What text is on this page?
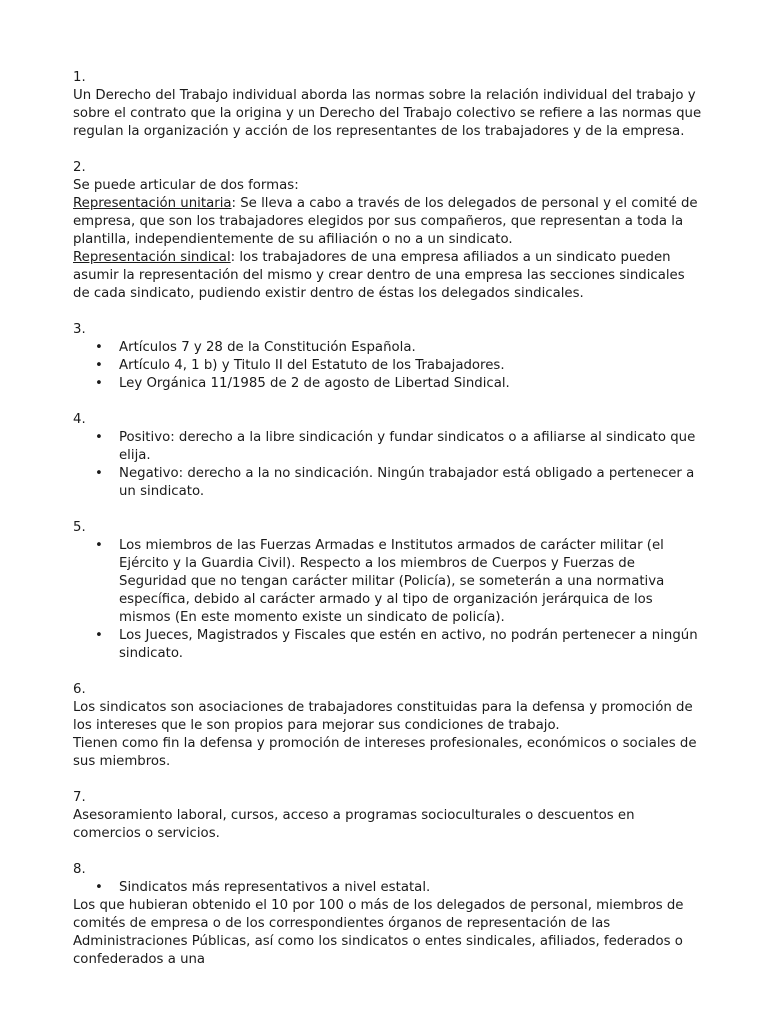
1.

Un Derecho del Trabajo individual aborda las normas sobre la relación individual del trabajo y sobre el contrato que la origina y un Derecho del Trabajo colectivo se refiere a las normas que regulan la organización y acción de los representantes de los trabajadores y de la empresa.

2.

Se puede articular de dos formas:

Representación unitaria: Se lleva a cabo a través de los delegados de personal y el comité de empresa, que son los trabajadores elegidos por sus compañeros, que representan a toda la plantilla, independientemente de su afiliación o no a un sindicato.

Representación sindical: los trabajadores de una empresa afiliados a un sindicato pueden asumir la representación del mismo y crear dentro de una empresa las secciones sindicales de cada sindicato, pudiendo existir dentro de éstas los delegados sindicales.

3.

• Artículos 7 y 28 de la Constitución Española.
• Artículo 4, 1 b) y Titulo II del Estatuto de los Trabajadores.
• Ley Orgánica 11/1985 de 2 de agosto de Libertad Sindical.

4.

• Positivo: derecho a la libre sindicación y fundar sindicatos o a afiliarse al sindicato que elija.
• Negativo: derecho a la no sindicación. Ningún trabajador está obligado a pertenecer a un sindicato.

5.

• Los miembros de las Fuerzas Armadas e Institutos armados de carácter militar (el Ejército y la Guardia Civil). Respecto a los miembros de Cuerpos y Fuerzas de Seguridad que no tengan carácter militar (Policía), se someterán a una normativa específica, debido al carácter armado y al tipo de organización jerárquica de los mismos (En este momento existe un sindicato de policía).
• Los Jueces, Magistrados y Fiscales que estén en activo, no podrán pertenecer a ningún sindicato.

6.

Los sindicatos son asociaciones de trabajadores constituidas para la defensa y promoción de los intereses que le son propios para mejorar sus condiciones de trabajo.

Tienen como fin la defensa y promoción de intereses profesionales, económicos o sociales de sus miembros.

7.

Asesoramiento laboral, cursos, acceso a programas socioculturales o descuentos en comercios o servicios.

8.

• Sindicatos más representativos a nivel estatal.

Los que hubieran obtenido el 10 por 100 o más de los delegados de personal, miembros de comités de empresa o de los correspondientes órganos de representación de las Administraciones Públicas, así como los sindicatos o entes sindicales, afiliados, federados o confederados a una
